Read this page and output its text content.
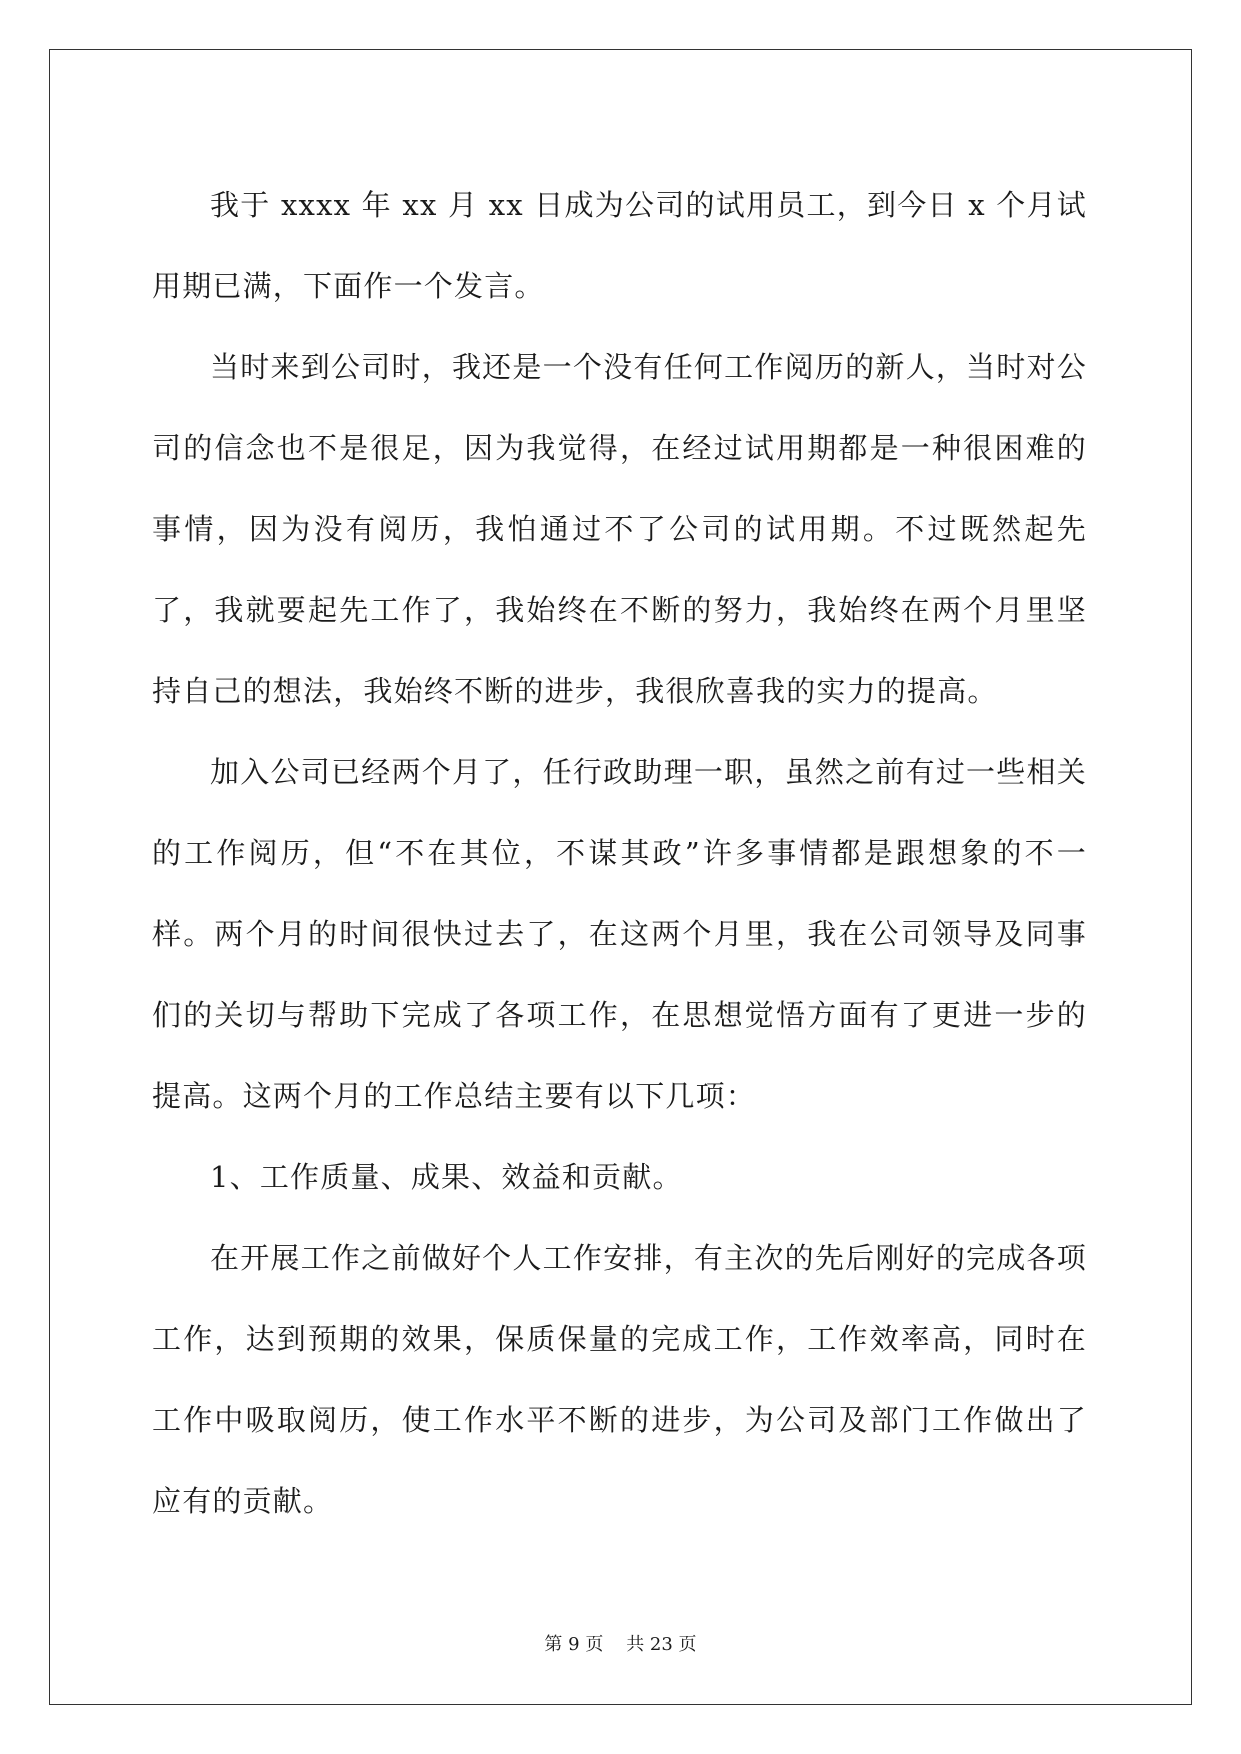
我于 xxxx 年 xx 月 xx 日成为公司的试用员工，到今日 x 个月试用期已满，下面作一个发言。

当时来到公司时，我还是一个没有任何工作阅历的新人，当时对公司的信念也不是很足，因为我觉得，在经过试用期都是一种很困难的事情，因为没有阅历，我怕通过不了公司的试用期。不过既然起先了，我就要起先工作了，我始终在不断的努力，我始终在两个月里坚持自己的想法，我始终不断的进步，我很欣喜我的实力的提高。

加入公司已经两个月了，任行政助理一职，虽然之前有过一些相关的工作阅历，但“不在其位，不谋其政”许多事情都是跟想象的不一样。两个月的时间很快过去了，在这两个月里，我在公司领导及同事们的关切与帮助下完成了各项工作，在思想觉悟方面有了更进一步的提高。这两个月的工作总结主要有以下几项：

1、工作质量、成果、效益和贡献。

在开展工作之前做好个人工作安排，有主次的先后刚好的完成各项工作，达到预期的效果，保质保量的完成工作，工作效率高，同时在工作中吸取阅历，使工作水平不断的进步，为公司及部门工作做出了应有的贡献。

第 9 页    共 23 页
